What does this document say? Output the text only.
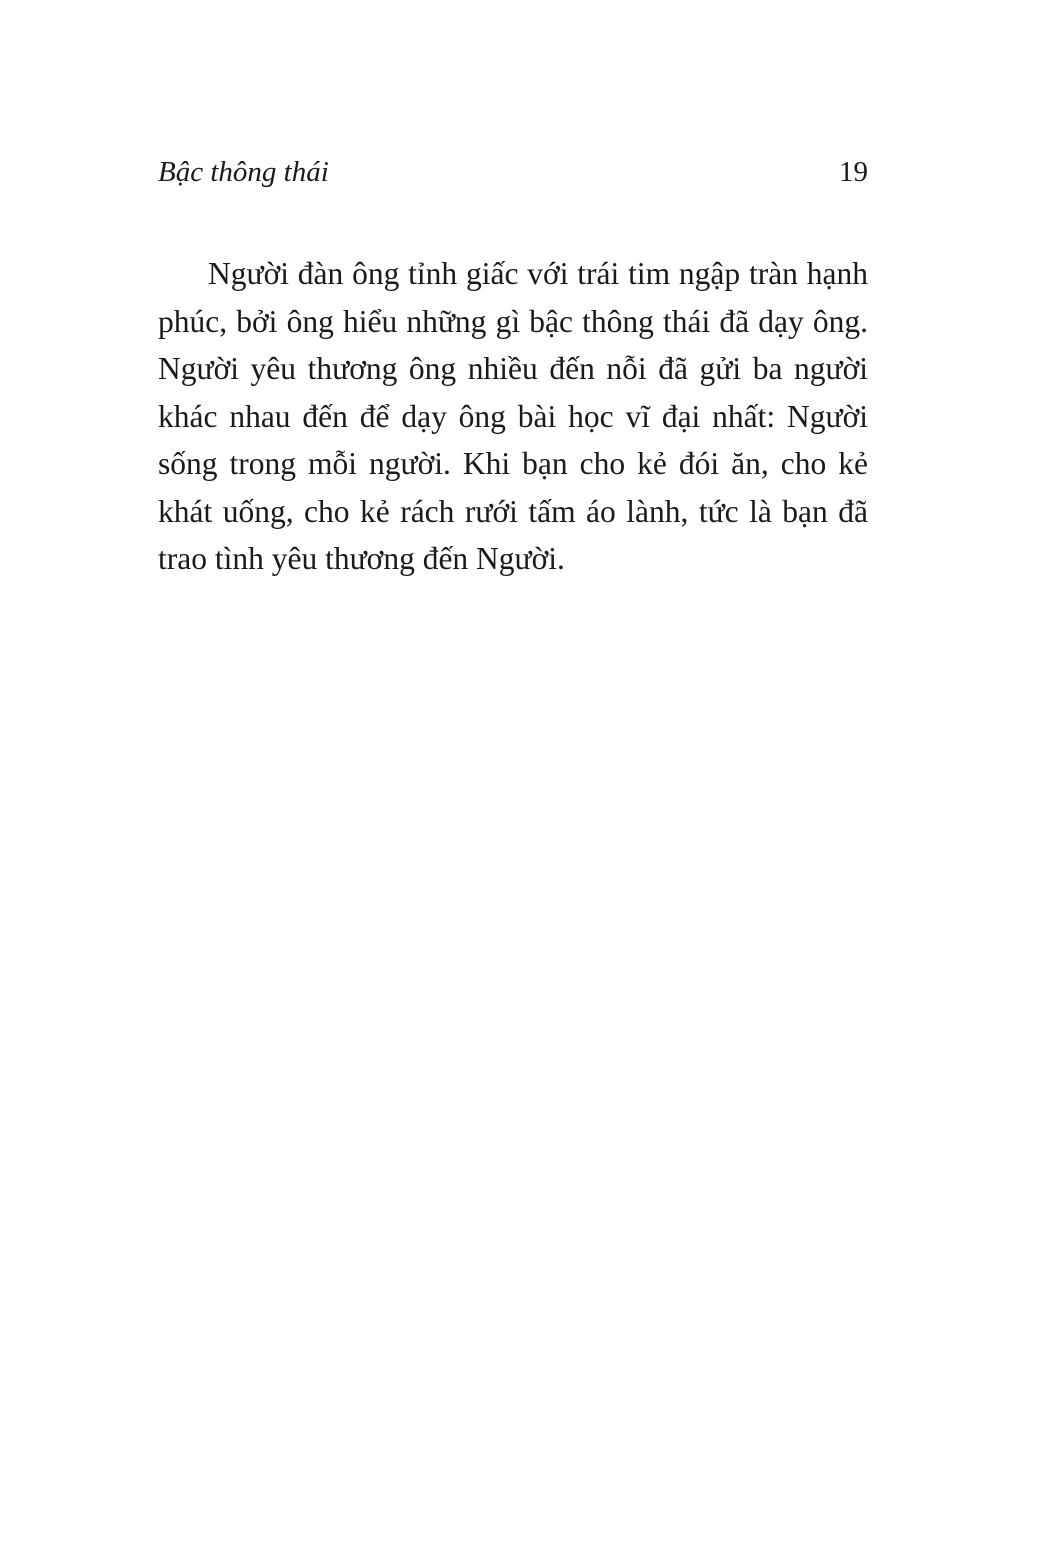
Bậc thông thái	19

Người đàn ông tỉnh giấc với trái tim ngập tràn hạnh phúc, bởi ông hiểu những gì bậc thông thái đã dạy ông. Người yêu thương ông nhiều đến nỗi đã gửi ba người khác nhau đến để dạy ông bài học vĩ đại nhất: Người sống trong mỗi người. Khi bạn cho kẻ đói ăn, cho kẻ khát uống, cho kẻ rách rưới tấm áo lành, tức là bạn đã trao tình yêu thương đến Người.
